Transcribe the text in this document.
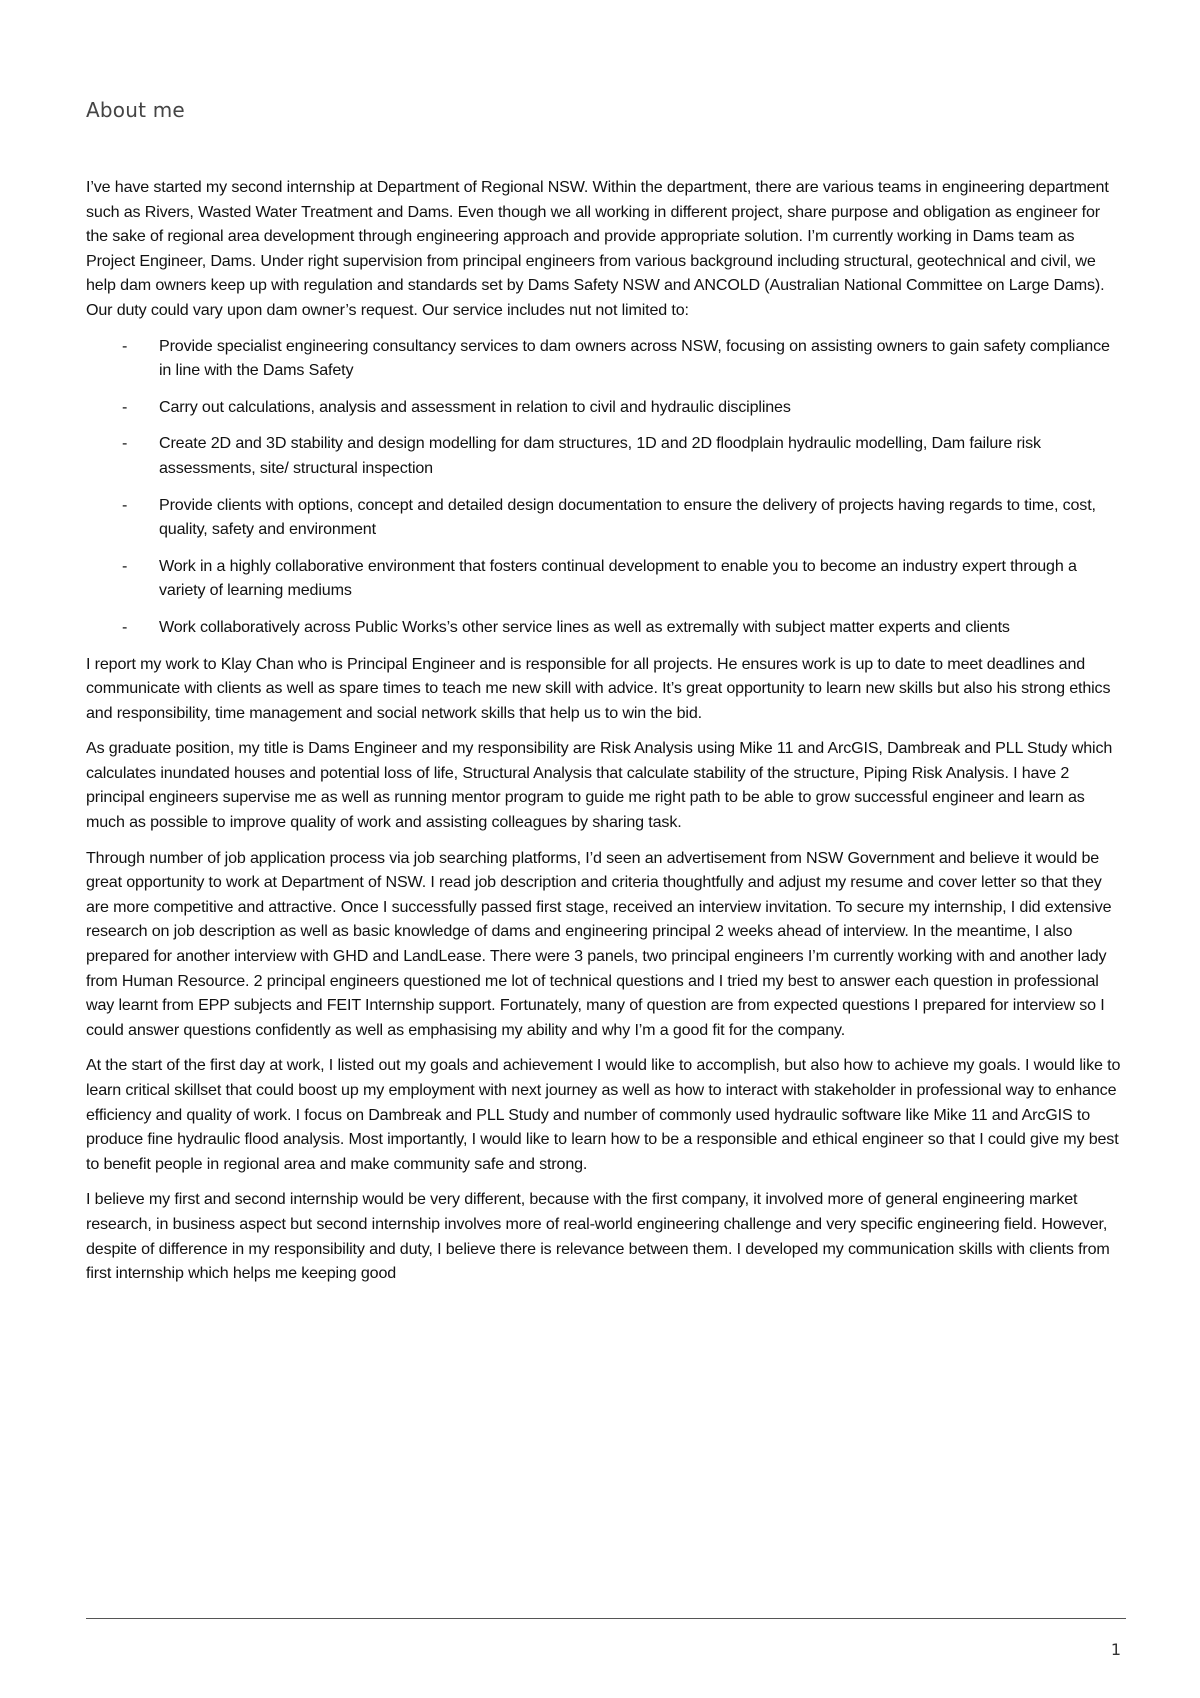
About me

I’ve have started my second internship at Department of Regional NSW. Within the department, there are various teams in engineering department such as Rivers, Wasted Water Treatment and Dams. Even though we all working in different project, share purpose and obligation as engineer for the sake of regional area development through engineering approach and provide appropriate solution. I’m currently working in Dams team as Project Engineer, Dams. Under right supervision from principal engineers from various background including structural, geotechnical and civil, we help dam owners keep up with regulation and standards set by Dams Safety NSW and ANCOLD (Australian National Committee on Large Dams). Our duty could vary upon dam owner’s request. Our service includes nut not limited to:

- Provide specialist engineering consultancy services to dam owners across NSW, focusing on assisting owners to gain safety compliance in line with the Dams Safety
- Carry out calculations, analysis and assessment in relation to civil and hydraulic disciplines
- Create 2D and 3D stability and design modelling for dam structures, 1D and 2D floodplain hydraulic modelling, Dam failure risk assessments, site/ structural inspection
- Provide clients with options, concept and detailed design documentation to ensure the delivery of projects having regards to time, cost, quality, safety and environment
- Work in a highly collaborative environment that fosters continual development to enable you to become an industry expert through a variety of learning mediums
- Work collaboratively across Public Works’s other service lines as well as extremally with subject matter experts and clients

I report my work to Klay Chan who is Principal Engineer and is responsible for all projects. He ensures work is up to date to meet deadlines and communicate with clients as well as spare times to teach me new skill with advice. It’s great opportunity to learn new skills but also his strong ethics and responsibility, time management and social network skills that help us to win the bid.

As graduate position, my title is Dams Engineer and my responsibility are Risk Analysis using Mike 11 and ArcGIS, Dambreak and PLL Study which calculates inundated houses and potential loss of life, Structural Analysis that calculate stability of the structure, Piping Risk Analysis. I have 2 principal engineers supervise me as well as running mentor program to guide me right path to be able to grow successful engineer and learn as much as possible to improve quality of work and assisting colleagues by sharing task.

Through number of job application process via job searching platforms, I’d seen an advertisement from NSW Government and believe it would be great opportunity to work at Department of NSW. I read job description and criteria thoughtfully and adjust my resume and cover letter so that they are more competitive and attractive. Once I successfully passed first stage, received an interview invitation. To secure my internship, I did extensive research on job description as well as basic knowledge of dams and engineering principal 2 weeks ahead of interview. In the meantime, I also prepared for another interview with GHD and LandLease. There were 3 panels, two principal engineers I’m currently working with and another lady from Human Resource. 2 principal engineers questioned me lot of technical questions and I tried my best to answer each question in professional way learnt from EPP subjects and FEIT Internship support. Fortunately, many of question are from expected questions I prepared for interview so I could answer questions confidently as well as emphasising my ability and why I’m a good fit for the company.

At the start of the first day at work, I listed out my goals and achievement I would like to accomplish, but also how to achieve my goals. I would like to learn critical skillset that could boost up my employment with next journey as well as how to interact with stakeholder in professional way to enhance efficiency and quality of work. I focus on Dambreak and PLL Study and number of commonly used hydraulic software like Mike 11 and ArcGIS to produce fine hydraulic flood analysis. Most importantly, I would like to learn how to be a responsible and ethical engineer so that I could give my best to benefit people in regional area and make community safe and strong.

I believe my first and second internship would be very different, because with the first company, it involved more of general engineering market research, in business aspect but second internship involves more of real-world engineering challenge and very specific engineering field. However, despite of difference in my responsibility and duty, I believe there is relevance between them. I developed my communication skills with clients from first internship which helps me keeping good

1
